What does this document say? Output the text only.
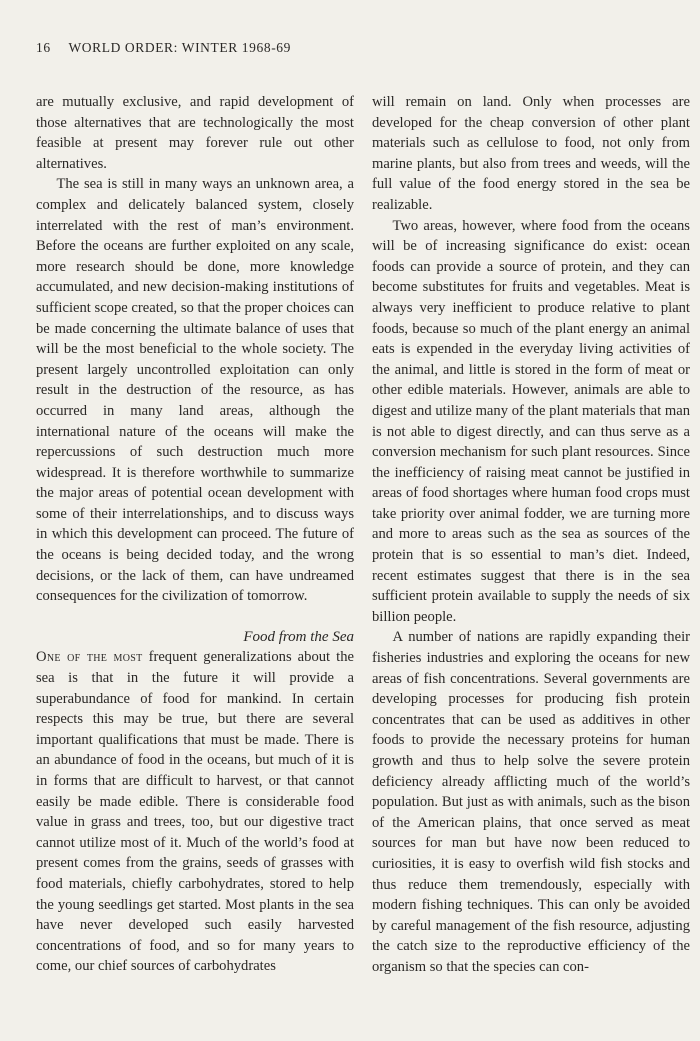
16 WORLD ORDER: WINTER 1968-69

are mutually exclusive, and rapid development of those alternatives that are technologically the most feasible at present may forever rule out other alternatives.

The sea is still in many ways an unknown area, a complex and delicately balanced system, closely interrelated with the rest of man’s environment. Before the oceans are further exploited on any scale, more research should be done, more knowledge accumulated, and new decision-making institutions of sufficient scope created, so that the proper choices can be made concerning the ultimate balance of uses that will be the most beneficial to the whole society. The present largely uncontrolled exploitation can only result in the destruction of the resource, as has occurred in many land areas, although the international nature of the oceans will make the repercussions of such destruction much more widespread. It is therefore worthwhile to summarize the major areas of potential ocean development with some of their interrelationships, and to discuss ways in which this development can proceed. The future of the oceans is being decided today, and the wrong decisions, or the lack of them, can have undreamed consequences for the civilization of tomorrow.

Food from the Sea

One of the most frequent generalizations about the sea is that in the future it will provide a superabundance of food for mankind. In certain respects this may be true, but there are several important qualifications that must be made. There is an abundance of food in the oceans, but much of it is in forms that are difficult to harvest, or that cannot easily be made edible. There is considerable food value in grass and trees, too, but our digestive tract cannot utilize most of it. Much of the world’s food at present comes from the grains, seeds of grasses with food materials, chiefly carbohydrates, stored to help the young seedlings get started. Most plants in the sea have never developed such easily harvested concentrations of food, and so for many years to come, our chief sources of carbohydrates

will remain on land. Only when processes are developed for the cheap conversion of other plant materials such as cellulose to food, not only from marine plants, but also from trees and weeds, will the full value of the food energy stored in the sea be realizable.

Two areas, however, where food from the oceans will be of increasing significance do exist: ocean foods can provide a source of protein, and they can become substitutes for fruits and vegetables. Meat is always very inefficient to produce relative to plant foods, because so much of the plant energy an animal eats is expended in the everyday living activities of the animal, and little is stored in the form of meat or other edible materials. However, animals are able to digest and utilize many of the plant materials that man is not able to digest directly, and can thus serve as a conversion mechanism for such plant resources. Since the inefficiency of raising meat cannot be justified in areas of food shortages where human food crops must take priority over animal fodder, we are turning more and more to areas such as the sea as sources of the protein that is so essential to man’s diet. Indeed, recent estimates suggest that there is in the sea sufficient protein available to supply the needs of six billion people.

A number of nations are rapidly expanding their fisheries industries and exploring the oceans for new areas of fish concentrations. Several governments are developing processes for producing fish protein concentrates that can be used as additives in other foods to provide the necessary proteins for human growth and thus to help solve the severe protein deficiency already afflicting much of the world’s population. But just as with animals, such as the bison of the American plains, that once served as meat sources for man but have now been reduced to curiosities, it is easy to overfish wild fish stocks and thus reduce them tremendously, especially with modern fishing techniques. This can only be avoided by careful management of the fish resource, adjusting the catch size to the reproductive efficiency of the organism so that the species can con-
